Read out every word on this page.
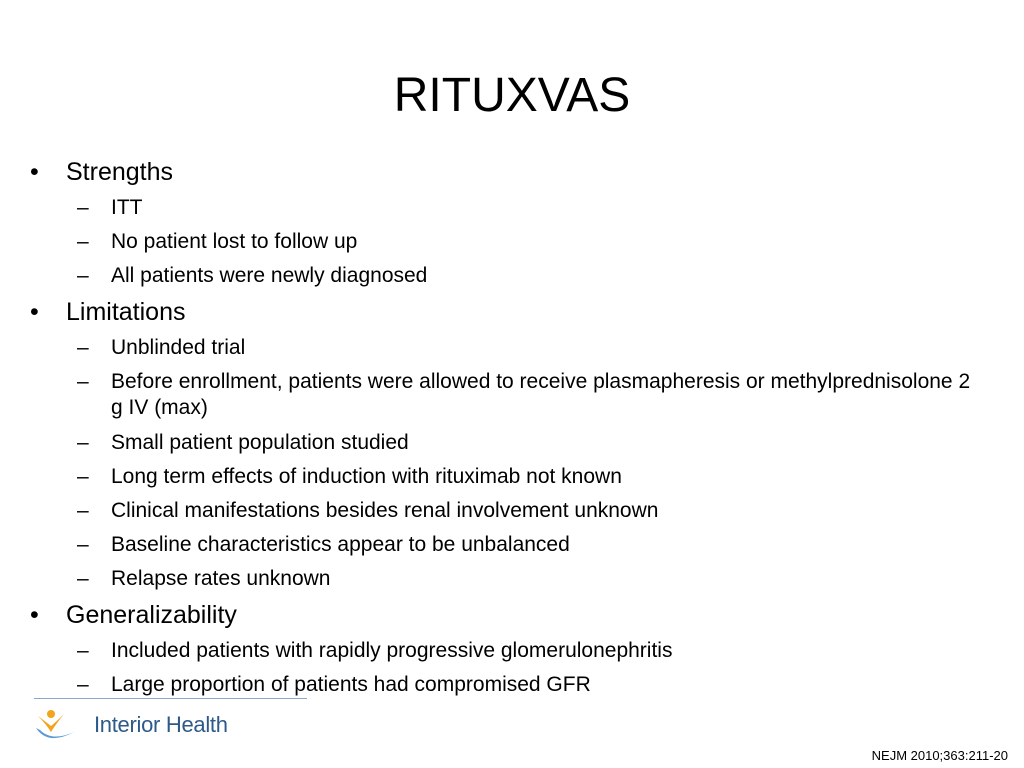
RITUXVAS
•	Strengths
– ITT
– No patient lost to follow up
– All patients were newly diagnosed
•	Limitations
– Unblinded trial
– Before enrollment, patients were allowed to receive plasmapheresis or methylprednisolone 2 g IV (max)
– Small patient population studied
– Long term effects of induction with rituximab not known
– Clinical manifestations besides renal involvement unknown
– Baseline characteristics appear to be unbalanced
– Relapse rates unknown
•	Generalizability
– Included patients with rapidly progressive glomerulonephritis
– Large proportion of patients had compromised GFR
Interior Health
NEJM 2010;363:211-20
